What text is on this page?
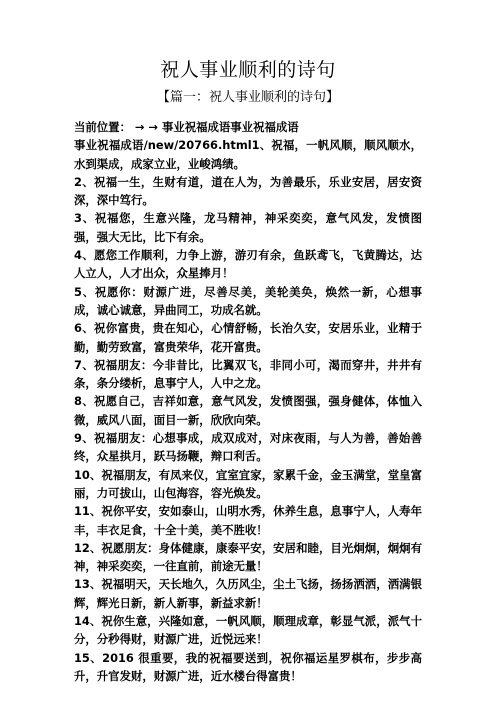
祝人事业顺利的诗句
【篇一：祝人事业顺利的诗句】

当前位置： → → 事业祝福成语事业祝福成语

事业祝福成语/new/20766.html1、祝福，一帆风顺，顺风顺水，水到渠成，成家立业，业峻鸿绩。

2、祝福一生，生财有道，道在人为，为善最乐，乐业安居，居安资深，深中笃行。

3、祝福您，生意兴隆，龙马精神，神采奕奕，意气风发，发愤图强，强大无比，比下有余。

4、愿您工作顺利，力争上游，游刃有余，鱼跃鸢飞，飞黄腾达，达人立人，人才出众，众星捧月！

5、祝愿你：财源广进，尽善尽美，美轮美奂，焕然一新，心想事成，诚心诚意，异曲同工，功成名就。

6、祝你富贵，贵在知心，心情舒畅，长治久安，安居乐业，业精于勤，勤劳致富，富贵荣华，花开富贵。

7、祝福朋友：今非昔比，比翼双飞，非同小可，渴而穿井，井井有条，条分缕析，息事宁人，人中之龙。

8、祝愿自己，吉祥如意，意气风发，发愤图强，强身健体，体恤入微，威风八面，面目一新，欣欣向荣。

9、祝福朋友：心想事成，成双成对，对床夜雨，与人为善，善始善终，众星拱月，跃马扬鞭，辩口利舌。

10、祝福朋友，有凤来仪，宜室宜家，家累千金，金玉满堂，堂皇富丽，力可拔山，山包海容，容光焕发。

11、祝你平安，安如泰山，山明水秀，休养生息，息事宁人，人寿年丰，丰衣足食，十全十美，美不胜收！

12、祝愿朋友：身体健康，康泰平安，安居和睦，目光炯炯，炯炯有神，神采奕奕，一往直前，前途无量！

13、祝福明天，天长地久，久历风尘，尘土飞扬，扬扬洒洒，洒满银辉，辉光日新，新人新事，新益求新！

14、祝你生意，兴隆如意，一帆风顺，顺理成章，彰显气派，派气十分，分秒得财，财源广进，近悦远来！

15、2016 很重要，我的祝福要送到，祝你福运星罗棋布，步步高升，升官发财，财源广进，近水楼台得富贵！
